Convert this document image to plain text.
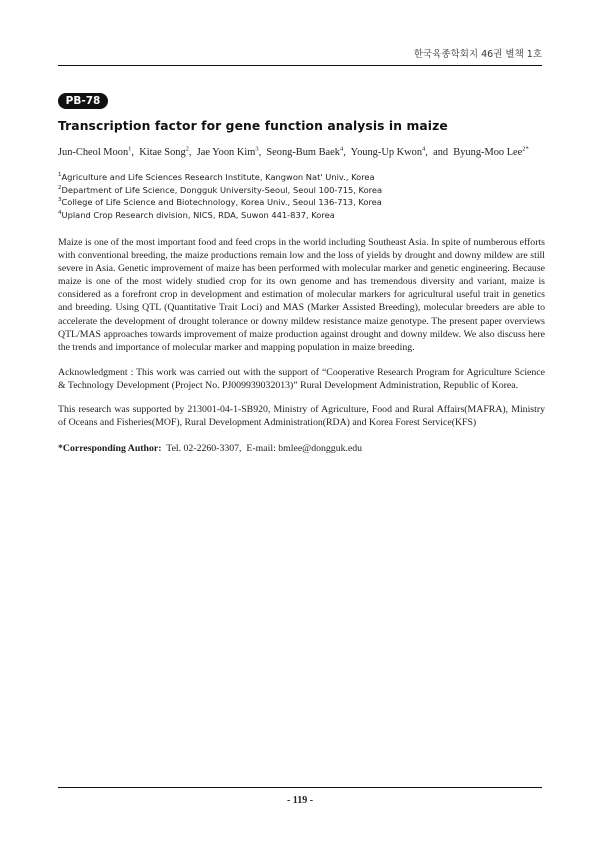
한국육종학회지 46권 별책 1호
PB-78
Transcription factor for gene function analysis in maize
Jun-Cheol Moon$^1$,  Kitae Song$^2$,  Jae Yoon Kim$^3$,  Seong-Bum Baek$^4$,  Young-Up Kwon$^4$,  and Byung-Moo Lee$^{2*}$
$^1$Agriculture and Life Sciences Research Institute, Kangwon Nat' Univ., Korea
$^2$Department of Life Science, Dongguk University-Seoul, Seoul 100-715, Korea
$^3$College of Life Science and Biotechnology, Korea Univ., Seoul 136-713, Korea
$^4$Upland Crop Research division, NICS, RDA, Suwon 441-837, Korea

Maize is one of the most important food and feed crops in the world including Southeast Asia. In spite of numberous efforts with conventional breeding, the maize productions remain low and the loss of yields by drought and downy mildew are still severe in Asia. Genetic improvement of maize has been performed with molecular marker and genetic engineering. Because maize is one of the most widely studied crop for its own genome and has tremendous diversity and variant, maize is considered as a forefront crop in development and estimation of molecular markers for agricultural useful trait in genetics and breeding. Using QTL (Quantitative Trait Loci) and MAS (Marker Assisted Breeding), molecular breeders are able to accelerate the development of drought tolerance or downy mildew resistance maize genotype. The present paper overviews QTL/MAS approaches towards improvement of maize production against drought and downy mildew. We also discuss here the trends and importance of molecular marker and mapping population in maize breeding.

Acknowledgment : This work was carried out with the support of “Cooperative Research Program for Agriculture Science & Technology Development (Project No. PJ009939032013)” Rural Development Administration, Republic of Korea.

This research was supported by 213001-04-1-SB920, Ministry of Agriculture, Food and Rural Affairs(MAFRA), Ministry of Oceans and Fisheries(MOF), Rural Development Administration(RDA) and Korea Forest Service(KFS)

*Corresponding Author: Tel. 02-2260-3307, E-mail: bmlee@dongguk.edu
- 119 -
